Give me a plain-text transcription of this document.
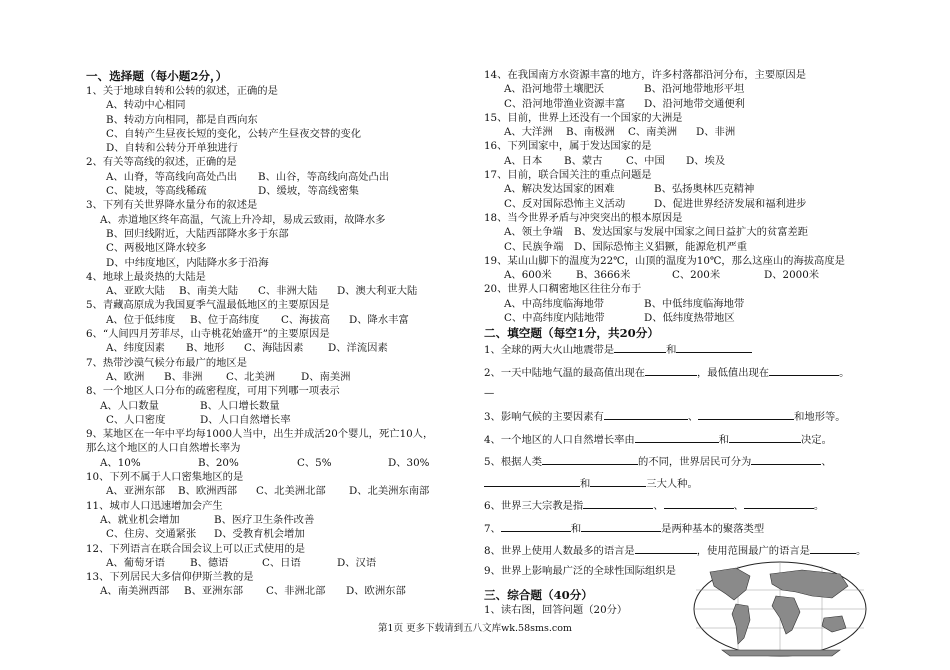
一、选择题（每小题2分，）
1、关于地球自转和公转的叙述，正确的是
A、转动中心相同
B、转动方向相同，都是自西向东
C、自转产生昼夜长短的变化，公转产生昼夜交替的变化
D、自转和公转分开单独进行
2、有关等高线的叙述，正确的是
A、山脊，等高线向高处凸出	B、山谷，等高线向高处凸出
C、陡坡，等高线稀疏	D、缓坡，等高线密集
3、下列有关世界降水量分布的叙述是
A、赤道地区终年高温，气流上升冷却，易成云致雨，故降水多
B、回归线附近，大陆西部降水多于东部
C、两极地区降水较多
D、中纬度地区，内陆降水多于沿海
4、地球上最炎热的大陆是
A、亚欧大陆	B、南美大陆	C、非洲大陆	D、澳大利亚大陆
5、青藏高原成为我国夏季气温最低地区的主要原因是
A、位于低纬度	B、位于高纬度	C、海拔高	D、降水丰富
6、“人间四月芳菲尽，山寺桃花始盛开”的主要原因是
A、纬度因素	B、地形	C、海陆因素	D、洋流因素
7、热带沙漠气候分布最广的地区是
A、欧洲	B、非洲	C、北美洲	D、南美洲
8、一个地区人口分布的疏密程度，可用下列哪一项表示
A、人口数量	B、人口增长数量
C、人口密度	D、人口自然增长率
9、某地区在一年中平均每1000人当中，出生并成活20个婴儿，死亡10人，
那么这个地区的人口自然增长率为
A、10%	B、20%	C、5%	D、30%
10、下列不属于人口密集地区的是
A、亚洲东部	B、欧洲西部	C、北美洲北部	D、北美洲东南部
11、城市人口迅速增加会产生
A、就业机会增加	B、医疗卫生条件改善
C、住房、交通紧张	D、受教育机会增加
12、下列语言在联合国会议上可以正式使用的是
A、葡萄牙语	B、德语	C、日语	D、汉语
13、下列居民大多信仰伊斯兰教的是
A、南美洲西部	B、亚洲东部	C、非洲北部	D、欧洲东部
14、在我国南方水资源丰富的地方，许多村落都沿河分布，主要原因是
A、沿河地带土壤肥沃	B、沿河地带地形平坦
C、沿河地带渔业资源丰富	D、沿河地带交通便利
15、目前，世界上还没有一个国家的大洲是
A、大洋洲	B、南极洲	C、南美洲	D、非洲
16、下列国家中，属于发达国家的是
A、日本	B、蒙古	C、中国	D、埃及
17、目前，联合国关注的重点问题是
A、解决发达国家的困难	B、弘扬奥林匹克精神
C、反对国际恐怖主义活动	D、促进世界经济发展和福利进步
18、当今世界矛盾与冲突突出的根本原因是
A、领土争端	B、发达国家与发展中国家之间日益扩大的贫富差距
C、民族争端	D、国际恐怖主义猖獗，能源危机严重
19、某山山脚下的温度为22℃，山顶的温度为10℃，那么这座山的海拔高度是
A、600米	B、3666米	C、200米	D、2000米
20、世界人口稠密地区往往分布于
A、中高纬度临海地带	B、中低纬度临海地带
C、中高纬度内陆地带	D、低纬度热带地区
二、填空题（每空1分，共20分）
1、全球的两大火山地震带是	和
2、一天中陆地气温的最高值出现在	，最低值出现在	。
—
3、影响气候的主要因素有	、	和地形等。
4、一个地区的人口自然增长率由	和	决定。
5、根据人类	的不同，世界居民可分为	、
和	三大人种。
6、世界三大宗教是指	、	、	。
7、	和	是两种基本的聚落类型
8、世界上使用人数最多的语言是	，使用范围最广的语言是	。
9、世界上影响最广泛的全球性国际组织是
三、综合题（40分）
1、读右图，回答问题（20分）
第1页 更多下载请到五八文库wk.58sms.com
